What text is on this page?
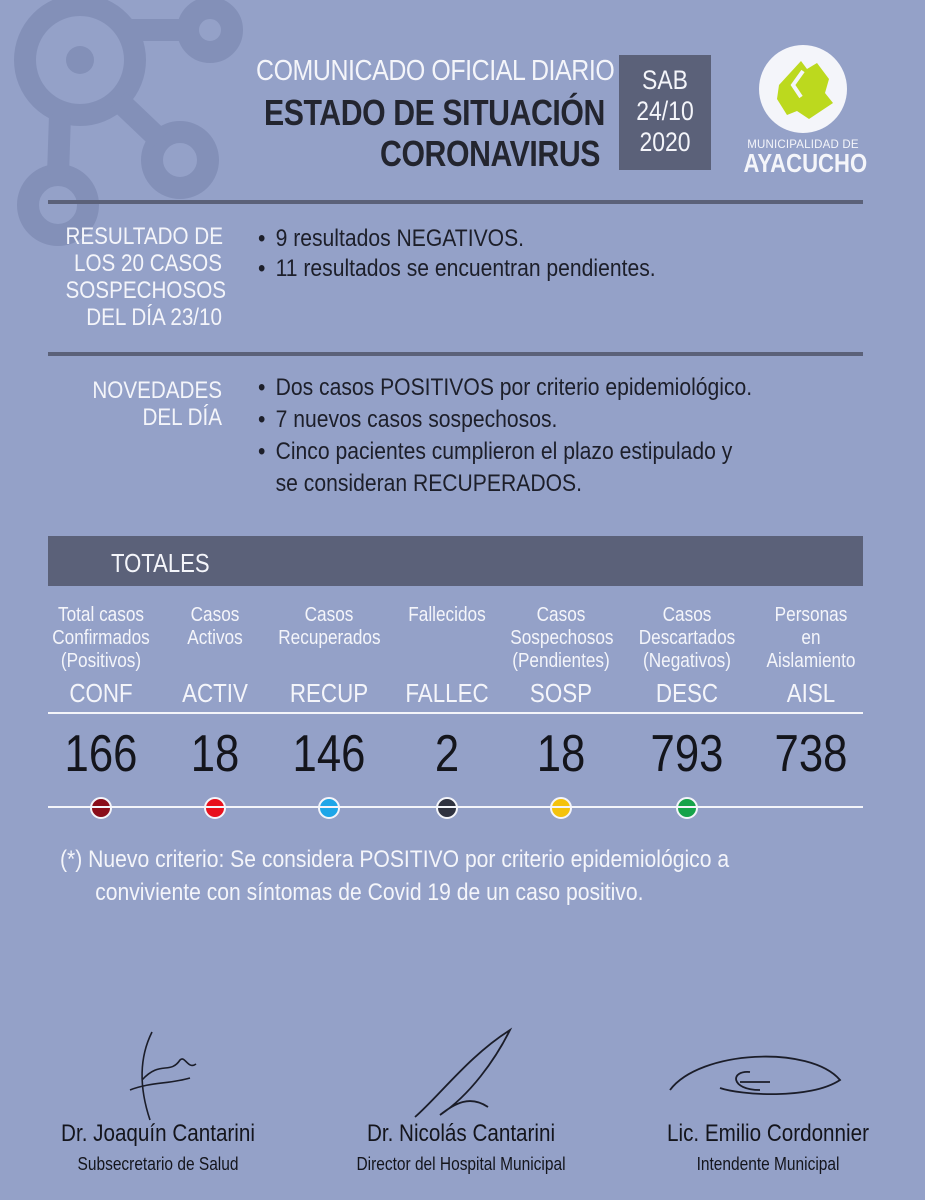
COMUNICADO OFICIAL DIARIO
ESTADO DE SITUACIÓN
CORONAVIRUS
SAB
24/10
2020	MUNICIPALIDAD DE
AYACUCHO
RESULTADO DE
LOS 20 CASOS
SOSPECHOSOS
DEL DÍA 23/10
• 9 resultados NEGATIVOS.
• 11 resultados se encuentran pendientes.
NOVEDADES
DEL DÍA
• Dos casos POSITIVOS por criterio epidemiológico.
• 7 nuevos casos sospechosos.
• Cinco pacientes cumplieron el plazo estipulado y
se consideran RECUPERADOS.
TOTALES
Total casos
Confirmados
(Positivos)
CONF
166
Casos
Activos
ACTIV
18
Casos
Recuperados
RECUP
146
Fallecidos
FALLEC
2
Casos
Sospechosos
(Pendientes)
SOSP
18
Casos
Descartados
(Negativos)
DESC
793
Personas
en
Aislamiento
AISL
738
(*) Nuevo criterio: Se considera POSITIVO por criterio epidemiológico a
conviviente con síntomas de Covid 19 de un caso positivo.
Dr. Joaquín Cantarini
Subsecretario de Salud
Dr. Nicolás Cantarini
Director del Hospital Municipal
Lic. Emilio Cordonnier
Intendente Municipal
